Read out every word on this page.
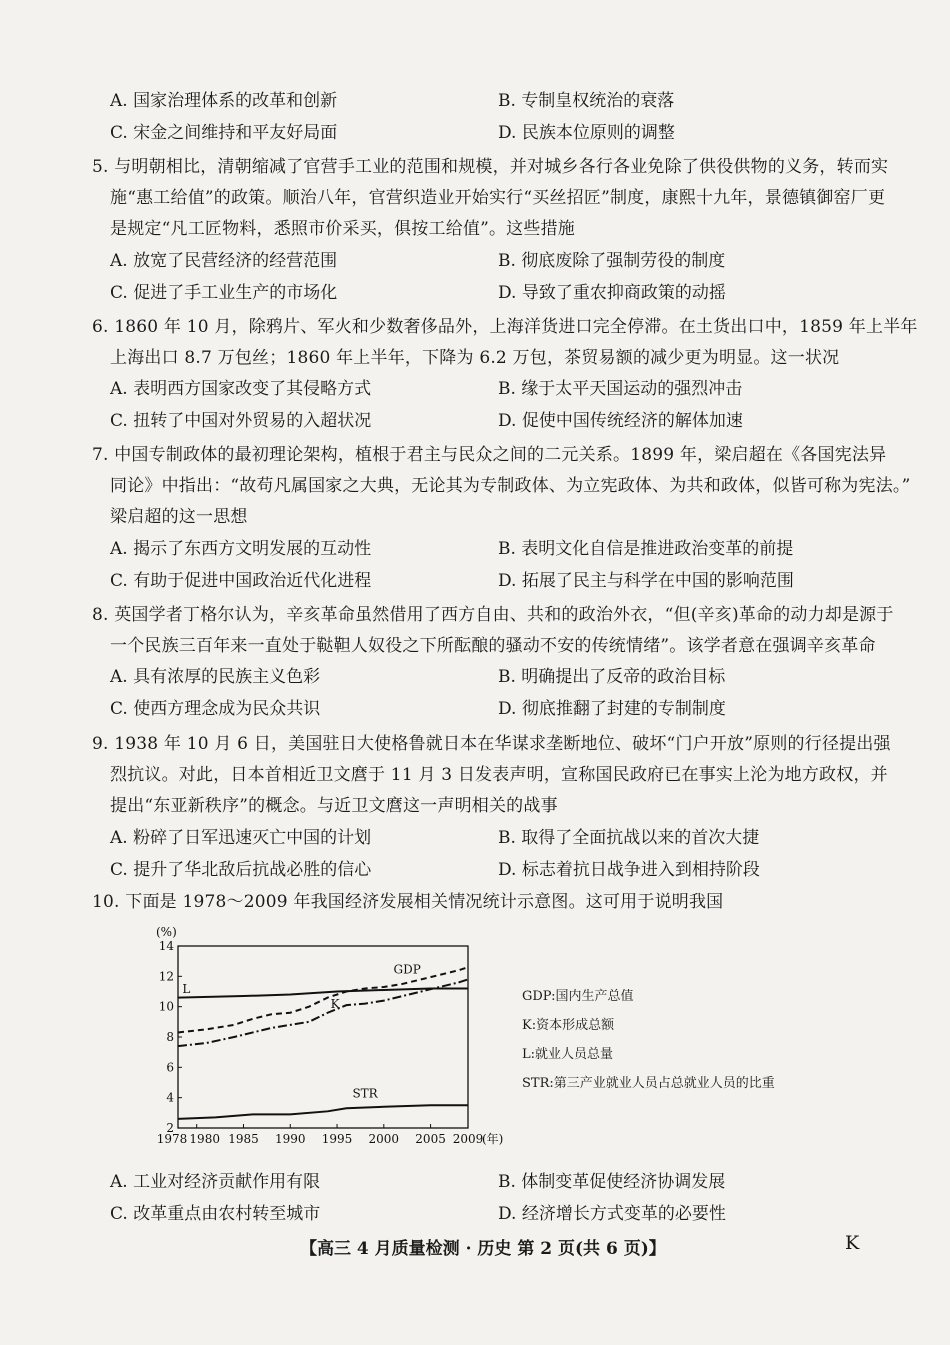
A. 国家治理体系的改革和创新	B. 专制皇权统治的衰落
C. 宋金之间维持和平友好局面	D. 民族本位原则的调整
5. 与明朝相比，清朝缩减了官营手工业的范围和规模，并对城乡各行各业免除了供役供物的义务，转而实
施“惠工给值”的政策。顺治八年，官营织造业开始实行“买丝招匠”制度，康熙十九年，景德镇御窑厂更
是规定“凡工匠物料，悉照市价采买，俱按工给值”。这些措施
A. 放宽了民营经济的经营范围	B. 彻底废除了强制劳役的制度
C. 促进了手工业生产的市场化	D. 导致了重农抑商政策的动摇
6. 1860 年 10 月，除鸦片、军火和少数奢侈品外，上海洋货进口完全停滞。在土货出口中，1859 年上半年
上海出口 8.7 万包丝；1860 年上半年，下降为 6.2 万包，茶贸易额的减少更为明显。这一状况
A. 表明西方国家改变了其侵略方式	B. 缘于太平天国运动的强烈冲击
C. 扭转了中国对外贸易的入超状况	D. 促使中国传统经济的解体加速
7. 中国专制政体的最初理论架构，植根于君主与民众之间的二元关系。1899 年，梁启超在《各国宪法异
同论》中指出：“故苟凡属国家之大典，无论其为专制政体、为立宪政体、为共和政体，似皆可称为宪法。”
梁启超的这一思想
A. 揭示了东西方文明发展的互动性	B. 表明文化自信是推进政治变革的前提
C. 有助于促进中国政治近代化进程	D. 拓展了民主与科学在中国的影响范围
8. 英国学者丁格尔认为，辛亥革命虽然借用了西方自由、共和的政治外衣，“但(辛亥)革命的动力却是源于
一个民族三百年来一直处于鞑靼人奴役之下所酝酿的骚动不安的传统情绪”。该学者意在强调辛亥革命
A. 具有浓厚的民族主义色彩	B. 明确提出了反帝的政治目标
C. 使西方理念成为民众共识	D. 彻底推翻了封建的专制制度
9. 1938 年 10 月 6 日，美国驻日大使格鲁就日本在华谋求垄断地位、破坏“门户开放”原则的行径提出强
烈抗议。对此，日本首相近卫文麿于 11 月 3 日发表声明，宣称国民政府已在事实上沦为地方政权，并
提出“东亚新秩序”的概念。与近卫文麿这一声明相关的战事
A. 粉碎了日军迅速灭亡中国的计划	B. 取得了全面抗战以来的首次大捷
C. 提升了华北敌后抗战必胜的信心	D. 标志着抗日战争进入到相持阶段
10. 下面是 1978～2009 年我国经济发展相关情况统计示意图。这可用于说明我国
2
4
6
8
10
12
14
1978 1980 1985 1990 1995 2000 2005 2009
(%)
(年)
L
GDP
K
STR
GDP:国内生产总值
K:资本形成总额
L:就业人员总量
STR:第三产业就业人员占总就业人员的比重
A. 工业对经济贡献作用有限	B. 体制变革促使经济协调发展
C. 改革重点由农村转至城市	D. 经济增长方式变革的必要性
【高三 4 月质量检测 · 历史 第 2 页(共 6 页)】	K
